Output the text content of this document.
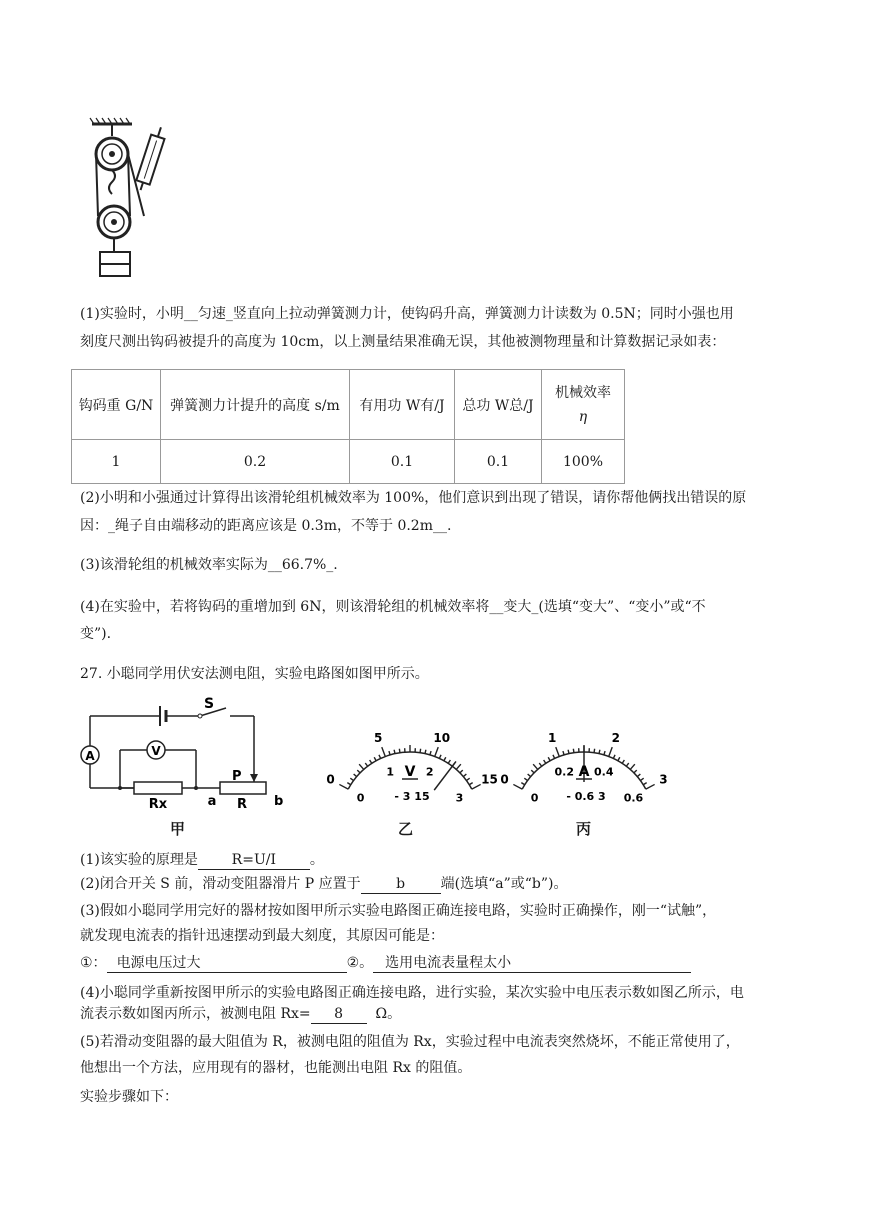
(1)实验时，小明__匀速_竖直向上拉动弹簧测力计，使钩码升高，弹簧测力计读数为 0.5N；同时小强也用
刻度尺测出钩码被提升的高度为 10cm，以上测量结果准确无误，其他被测物理量和计算数据记录如表：
钩码重 G/N	弹簧测力计提升的高度 s/m	有用功 W有/J	总功 W总/J	机械效率
η

1	0.2	0.1	0.1	100%
(2)小明和小强通过计算得出该滑轮组机械效率为 100%，他们意识到出现了错误，请你帮他俩找出错误的原
因：_绳子自由端移动的距离应该是 0.3m，不等于 0.2m__.
(3)该滑轮组的机械效率实际为__66.7%_.
(4)在实验中，若将钩码的重增加到 6N，则该滑轮组的机械效率将__变大_(选填“变大”、“变小”或“不
变”).
27. 小聪同学用伏安法测电阻，实验电路图如图甲所示。
A	V
S
Rx
P
R
a	b
甲
0
5	10
15
0
1	2
3
V
- 3 15
乙
0
1	2
3
0
0.2 0.4
0.6
A
- 0.6 3
丙
(1)该实验的原理是 R=U/I 。
(2)闭合开关 S 前，滑动变阻器滑片 P 应置于	b	端(选填“a”或“b”)。
(3)假如小聪同学用完好的器材按如图甲所示实验电路图正确连接电路，实验时正确操作，刚一“试触”，
就发现电流表的指针迅速摆动到最大刻度，其原因可能是：
①： 电源电压过大	②。 选用电流表量程太小
(4)小聪同学重新按图甲所示的实验电路图正确连接电路，进行实验，某次实验中电压表示数如图乙所示，电
流表示数如图丙所示，被测电阻 Rx= 8 Ω。
(5)若滑动变阻器的最大阻值为 R，被测电阻的阻值为 Rx，实验过程中电流表突然烧坏，不能正常使用了，
他想出一个方法，应用现有的器材，也能测出电阻 Rx 的阻值。
实验步骤如下：
